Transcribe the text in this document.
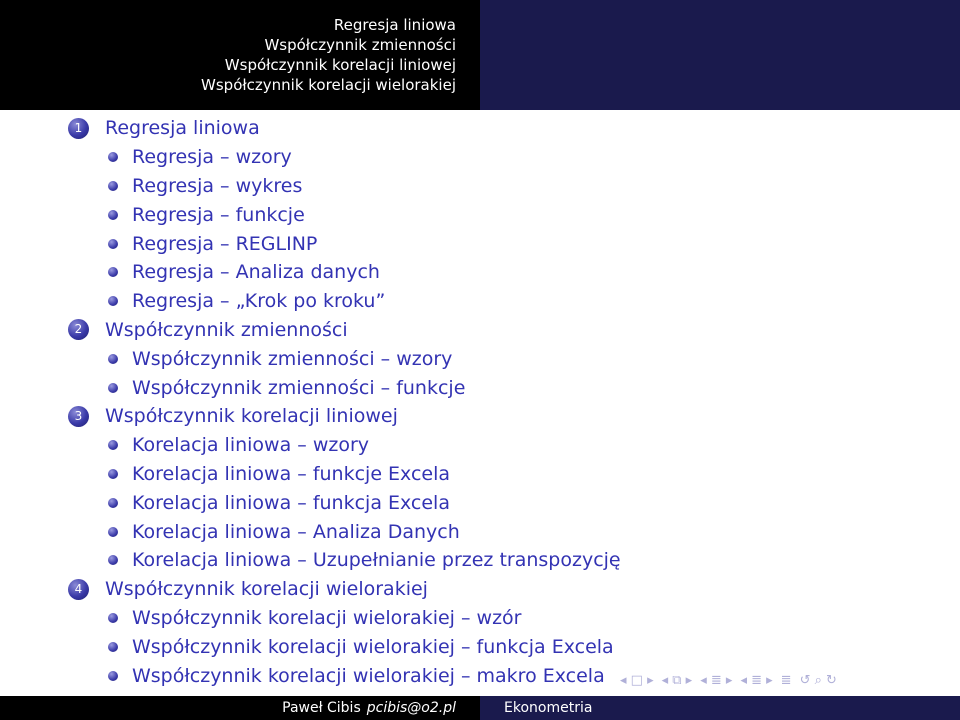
Regresja liniowa
Współczynnik zmienności
Współczynnik korelacji liniowej
Współczynnik korelacji wielorakiej
1	Regresja liniowa
Regresja – wzory
Regresja – wykres
Regresja – funkcje
Regresja – REGLINP
Regresja – Analiza danych
Regresja – „Krok po kroku”
2	Współczynnik zmienności
Współczynnik zmienności – wzory
Współczynnik zmienności – funkcje
3	Współczynnik korelacji liniowej
Korelacja liniowa – wzory
Korelacja liniowa – funkcje Excela
Korelacja liniowa – funkcja Excela
Korelacja liniowa – Analiza Danych
Korelacja liniowa – Uzupełnianie przez transpozycję
4	Współczynnik korelacji wielorakiej
Współczynnik korelacji wielorakiej – wzór
Współczynnik korelacji wielorakiej – funkcja Excela
Współczynnik korelacji wielorakiej – makro Excela ◂ □ ▸ ◂ ⧉ ▸ ◂ ≣ ▸ ◂ ≣ ▸ ≣ ↺ ⌕ ↻
Paweł Cibis pcibis@o2.pl	Ekonometria
